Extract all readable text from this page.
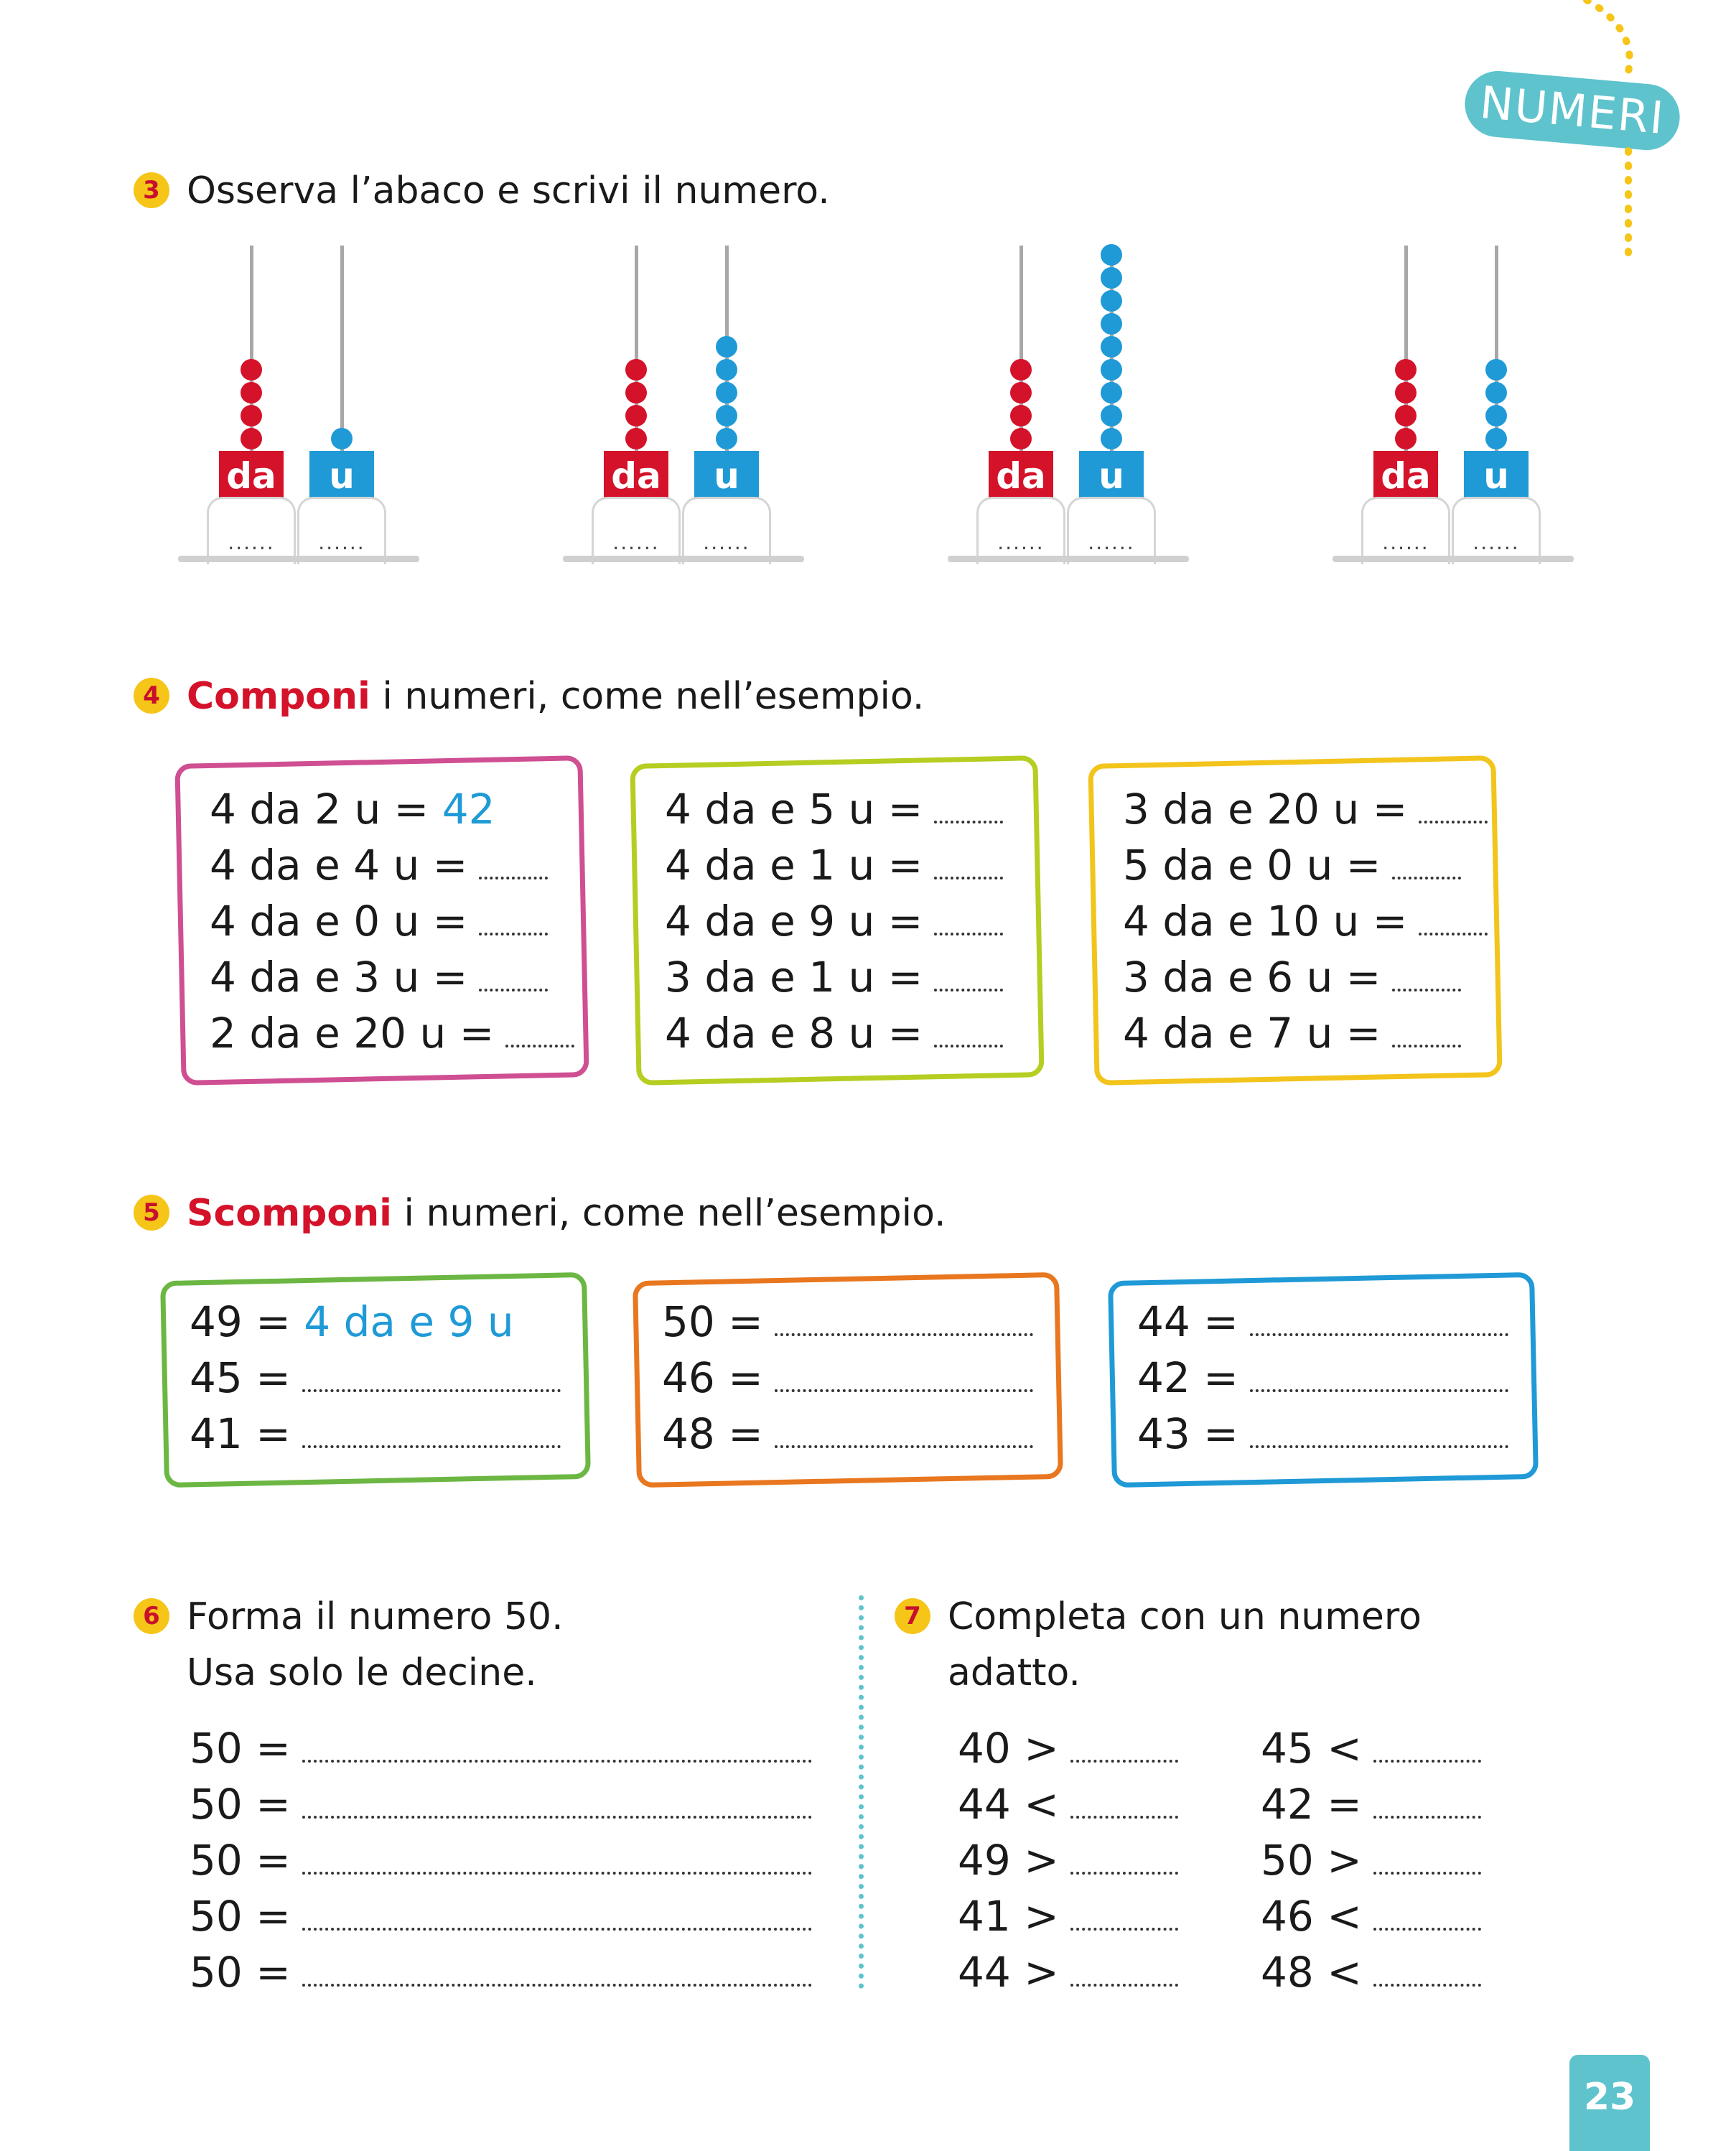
NUMERI
3 Osserva l’abaco e scrivi il numero.
da	u
......	......
da	u
......	......
da	u
......	......
da	u
......	......
4 Componi i numeri, come nell’esempio.
4 da 2 u = 42
4 da e 4 u =
4 da e 0 u =
4 da e 3 u =
2 da e 20 u =
4 da e 5 u =
4 da e 1 u =
4 da e 9 u =
3 da e 1 u =
4 da e 8 u =
3 da e 20 u =
5 da e 0 u =
4 da e 10 u =
3 da e 6 u =
4 da e 7 u =
5 Scomponi i numeri, come nell’esempio.
49 = 4 da e 9 u
45 =
41 =
50 =
46 =
48 =
44 =
42 =
43 =
6 Forma il numero 50.
Usa solo le decine.
50 =
50 =
50 =
50 =
50 =
7 Completa con un numero
adatto.
40 >
44 <
49 >
41 >
44 >
45 <
42 =
50 >
46 <
48 <
23
